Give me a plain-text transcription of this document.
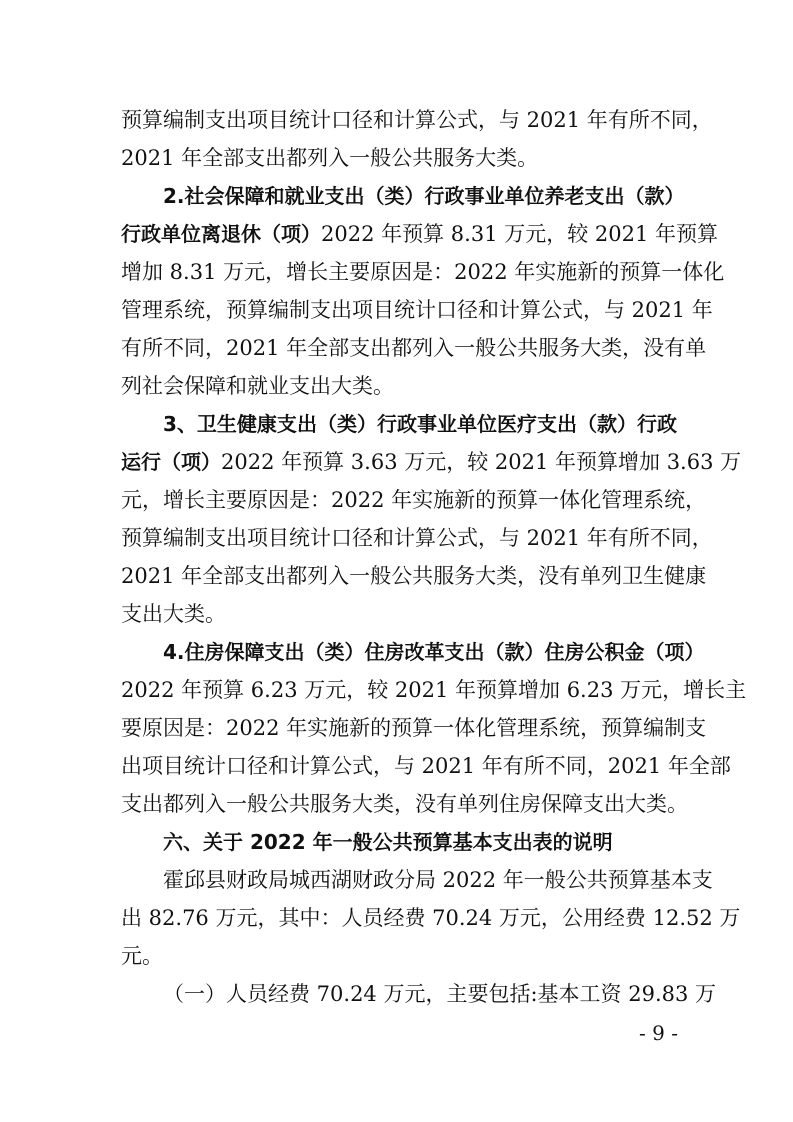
预算编制支出项目统计口径和计算公式，与 2021 年有所不同，
2021 年全部支出都列入一般公共服务大类。
2.社会保障和就业支出（类）行政事业单位养老支出（款）
行政单位离退休（项）2022 年预算 8.31 万元，较 2021 年预算
增加 8.31 万元，增长主要原因是：2022 年实施新的预算一体化
管理系统，预算编制支出项目统计口径和计算公式，与 2021 年
有所不同，2021 年全部支出都列入一般公共服务大类，没有单
列社会保障和就业支出大类。
3、卫生健康支出（类）行政事业单位医疗支出（款）行政
运行（项）2022 年预算 3.63 万元，较 2021 年预算增加 3.63 万
元，增长主要原因是：2022 年实施新的预算一体化管理系统，
预算编制支出项目统计口径和计算公式，与 2021 年有所不同，
2021 年全部支出都列入一般公共服务大类，没有单列卫生健康
支出大类。
4.住房保障支出（类）住房改革支出（款）住房公积金（项）
2022 年预算 6.23 万元，较 2021 年预算增加 6.23 万元，增长主
要原因是：2022 年实施新的预算一体化管理系统，预算编制支
出项目统计口径和计算公式，与 2021 年有所不同，2021 年全部
支出都列入一般公共服务大类，没有单列住房保障支出大类。
六、关于 2022 年一般公共预算基本支出表的说明
霍邱县财政局城西湖财政分局 2022 年一般公共预算基本支
出 82.76 万元，其中：人员经费 70.24 万元，公用经费 12.52 万
元。
（一）人员经费 70.24 万元，主要包括:基本工资 29.83 万
- 9 -
